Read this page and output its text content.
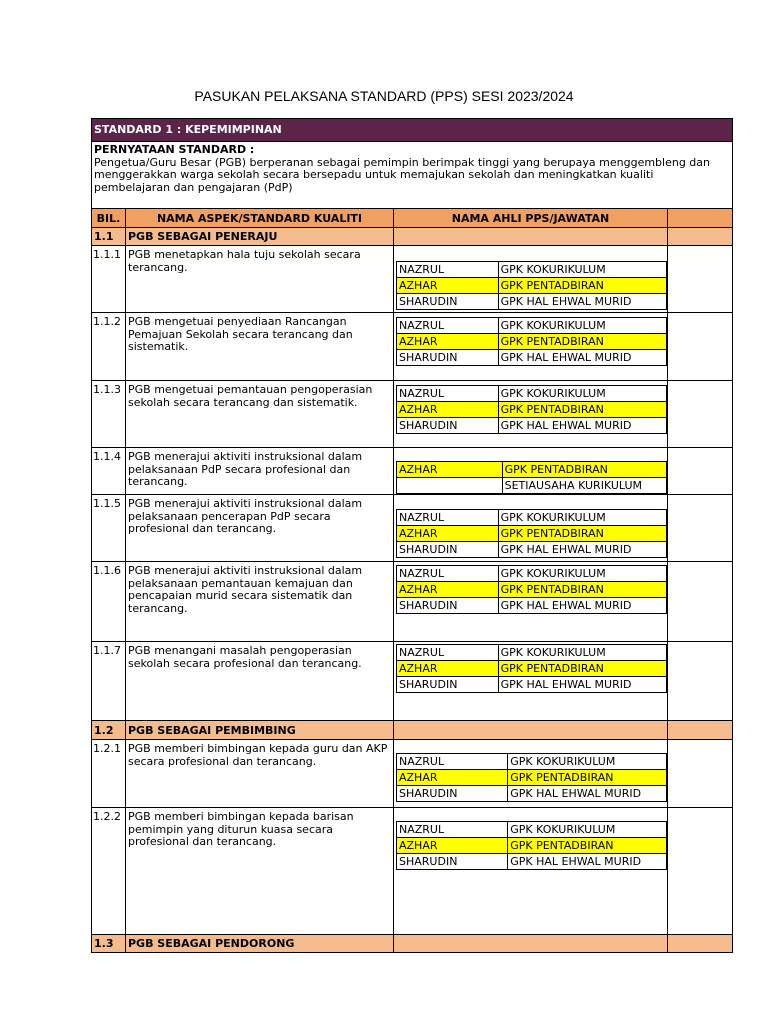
PASUKAN PELAKSANA STANDARD (PPS) SESI 2023/2024
STANDARD 1 : KEPEMIMPINAN
PERNYATAAN STANDARD :
Pengetua/Guru Besar (PGB) berperanan sebagai pemimpin berimpak tinggi yang berupaya menggembleng dan menggerakkan warga sekolah secara bersepadu untuk memajukan sekolah dan meningkatkan kualiti pembelajaran dan pengajaran (PdP)
BIL.	NAMA ASPEK/STANDARD KUALITI	NAMA AHLI PPS/JAWATAN
1.1	PGB SEBAGAI PENERAJU
1.1.1 PGB menetapkan hala tuju sekolah secara terancang.	NAZRUL	GPK KOKURIKULUM
AZHAR	GPK PENTADBIRAN
SHARUDIN	GPK HAL EHWAL MURID
1.1.2 PGB mengetuai penyediaan Rancangan Pemajuan Sekolah secara terancang dan sistematik.
NAZRUL	GPK KOKURIKULUM
AZHAR	GPK PENTADBIRAN
SHARUDIN	GPK HAL EHWAL MURID
1.1.3 PGB mengetuai pemantauan pengoperasian sekolah secara terancang dan sistematik.
NAZRUL	GPK KOKURIKULUM
AZHAR	GPK PENTADBIRAN
SHARUDIN	GPK HAL EHWAL MURID
1.1.4 PGB menerajui aktiviti instruksional dalam pelaksanaan PdP secara profesional dan terancang.
AZHAR	GPK PENTADBIRAN
	SETIAUSAHA KURIKULUM
1.1.5 PGB menerajui aktiviti instruksional dalam pelaksanaan pencerapan PdP secara profesional dan terancang.
NAZRUL	GPK KOKURIKULUM
AZHAR	GPK PENTADBIRAN
SHARUDIN	GPK HAL EHWAL MURID
1.1.6 PGB menerajui aktiviti instruksional dalam pelaksanaan pemantauan kemajuan dan pencapaian murid secara sistematik dan terancang.
NAZRUL	GPK KOKURIKULUM
AZHAR	GPK PENTADBIRAN
SHARUDIN	GPK HAL EHWAL MURID
1.1.7 PGB menangani masalah pengoperasian sekolah secara profesional dan terancang.
NAZRUL	GPK KOKURIKULUM
AZHAR	GPK PENTADBIRAN
SHARUDIN	GPK HAL EHWAL MURID
1.2	PGB SEBAGAI PEMBIMBING
1.2.1 PGB memberi bimbingan kepada guru dan AKP secara profesional dan terancang.	NAZRUL	GPK KOKURIKULUM
AZHAR	GPK PENTADBIRAN
SHARUDIN	GPK HAL EHWAL MURID
1.2.2 PGB memberi bimbingan kepada barisan pemimpin yang diturun kuasa secara profesional dan terancang.
NAZRUL	GPK KOKURIKULUM
AZHAR	GPK PENTADBIRAN
SHARUDIN	GPK HAL EHWAL MURID
1.3	PGB SEBAGAI PENDORONG
